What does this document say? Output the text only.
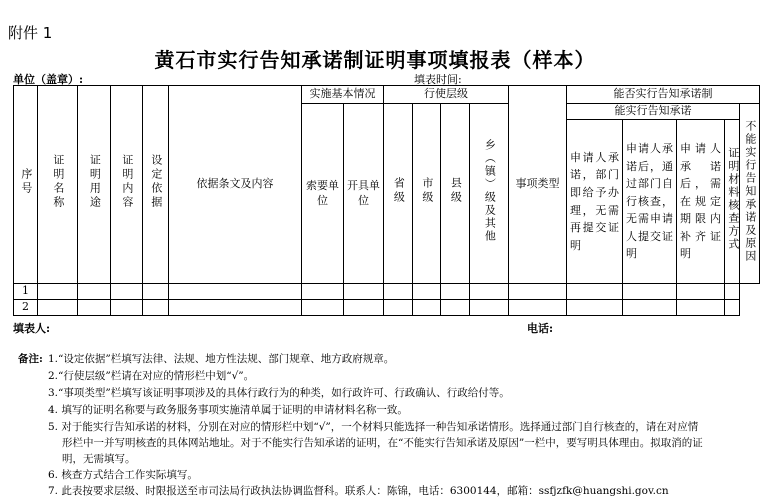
附件 1
黄石市实行告知承诺制证明事项填报表（样本）
单位（盖章）:	填表时间:
序号	证明名称	证明用途	证明内容	设定依据	依据条文及内容	实施基本情况		行使层级				事项类型	能否实行告知承诺制				
													能实行告知承诺				不能实行告知承诺及原因
						索要单位	开具单位	省级	市级	县级	乡（镇）级及其他						

													申请人承诺，部门即给予办理，无需再提交证明	申请人承诺后，通过部门自行核查，无需申请人提交证明	申请人承诺后，需在规定期限内补齐证明	证明材料核查方式	
1																	
2																	
填表人:	电话:
备注: 1.“设定依据”栏填写法律、法规、地方性法规、部门规章、地方政府规章。
2.“行使层级”栏请在对应的情形栏中划“√”。
3.“事项类型”栏填写该证明事项涉及的具体行政行为的种类，如行政许可、行政确认、行政给付等。
4. 填写的证明名称要与政务服务事项实施清单属于证明的申请材料名称一致。
5. 对于能实行告知承诺的材料，分别在对应的情形栏中划“√”，一个材料只能选择一种告知承诺情形。选择通过部门自行核查的，请在对应情
形栏中一并写明核查的具体网站地址。对于不能实行告知承诺的证明，在“不能实行告知承诺及原因”一栏中，要写明具体理由。拟取消的证
明，无需填写。
6. 核查方式结合工作实际填写。
7. 此表按要求层级、时限报送至市司法局行政执法协调监督科。联系人：陈锦，电话：6300144，邮箱：ssfjzfk@huangshi.gov.cn
